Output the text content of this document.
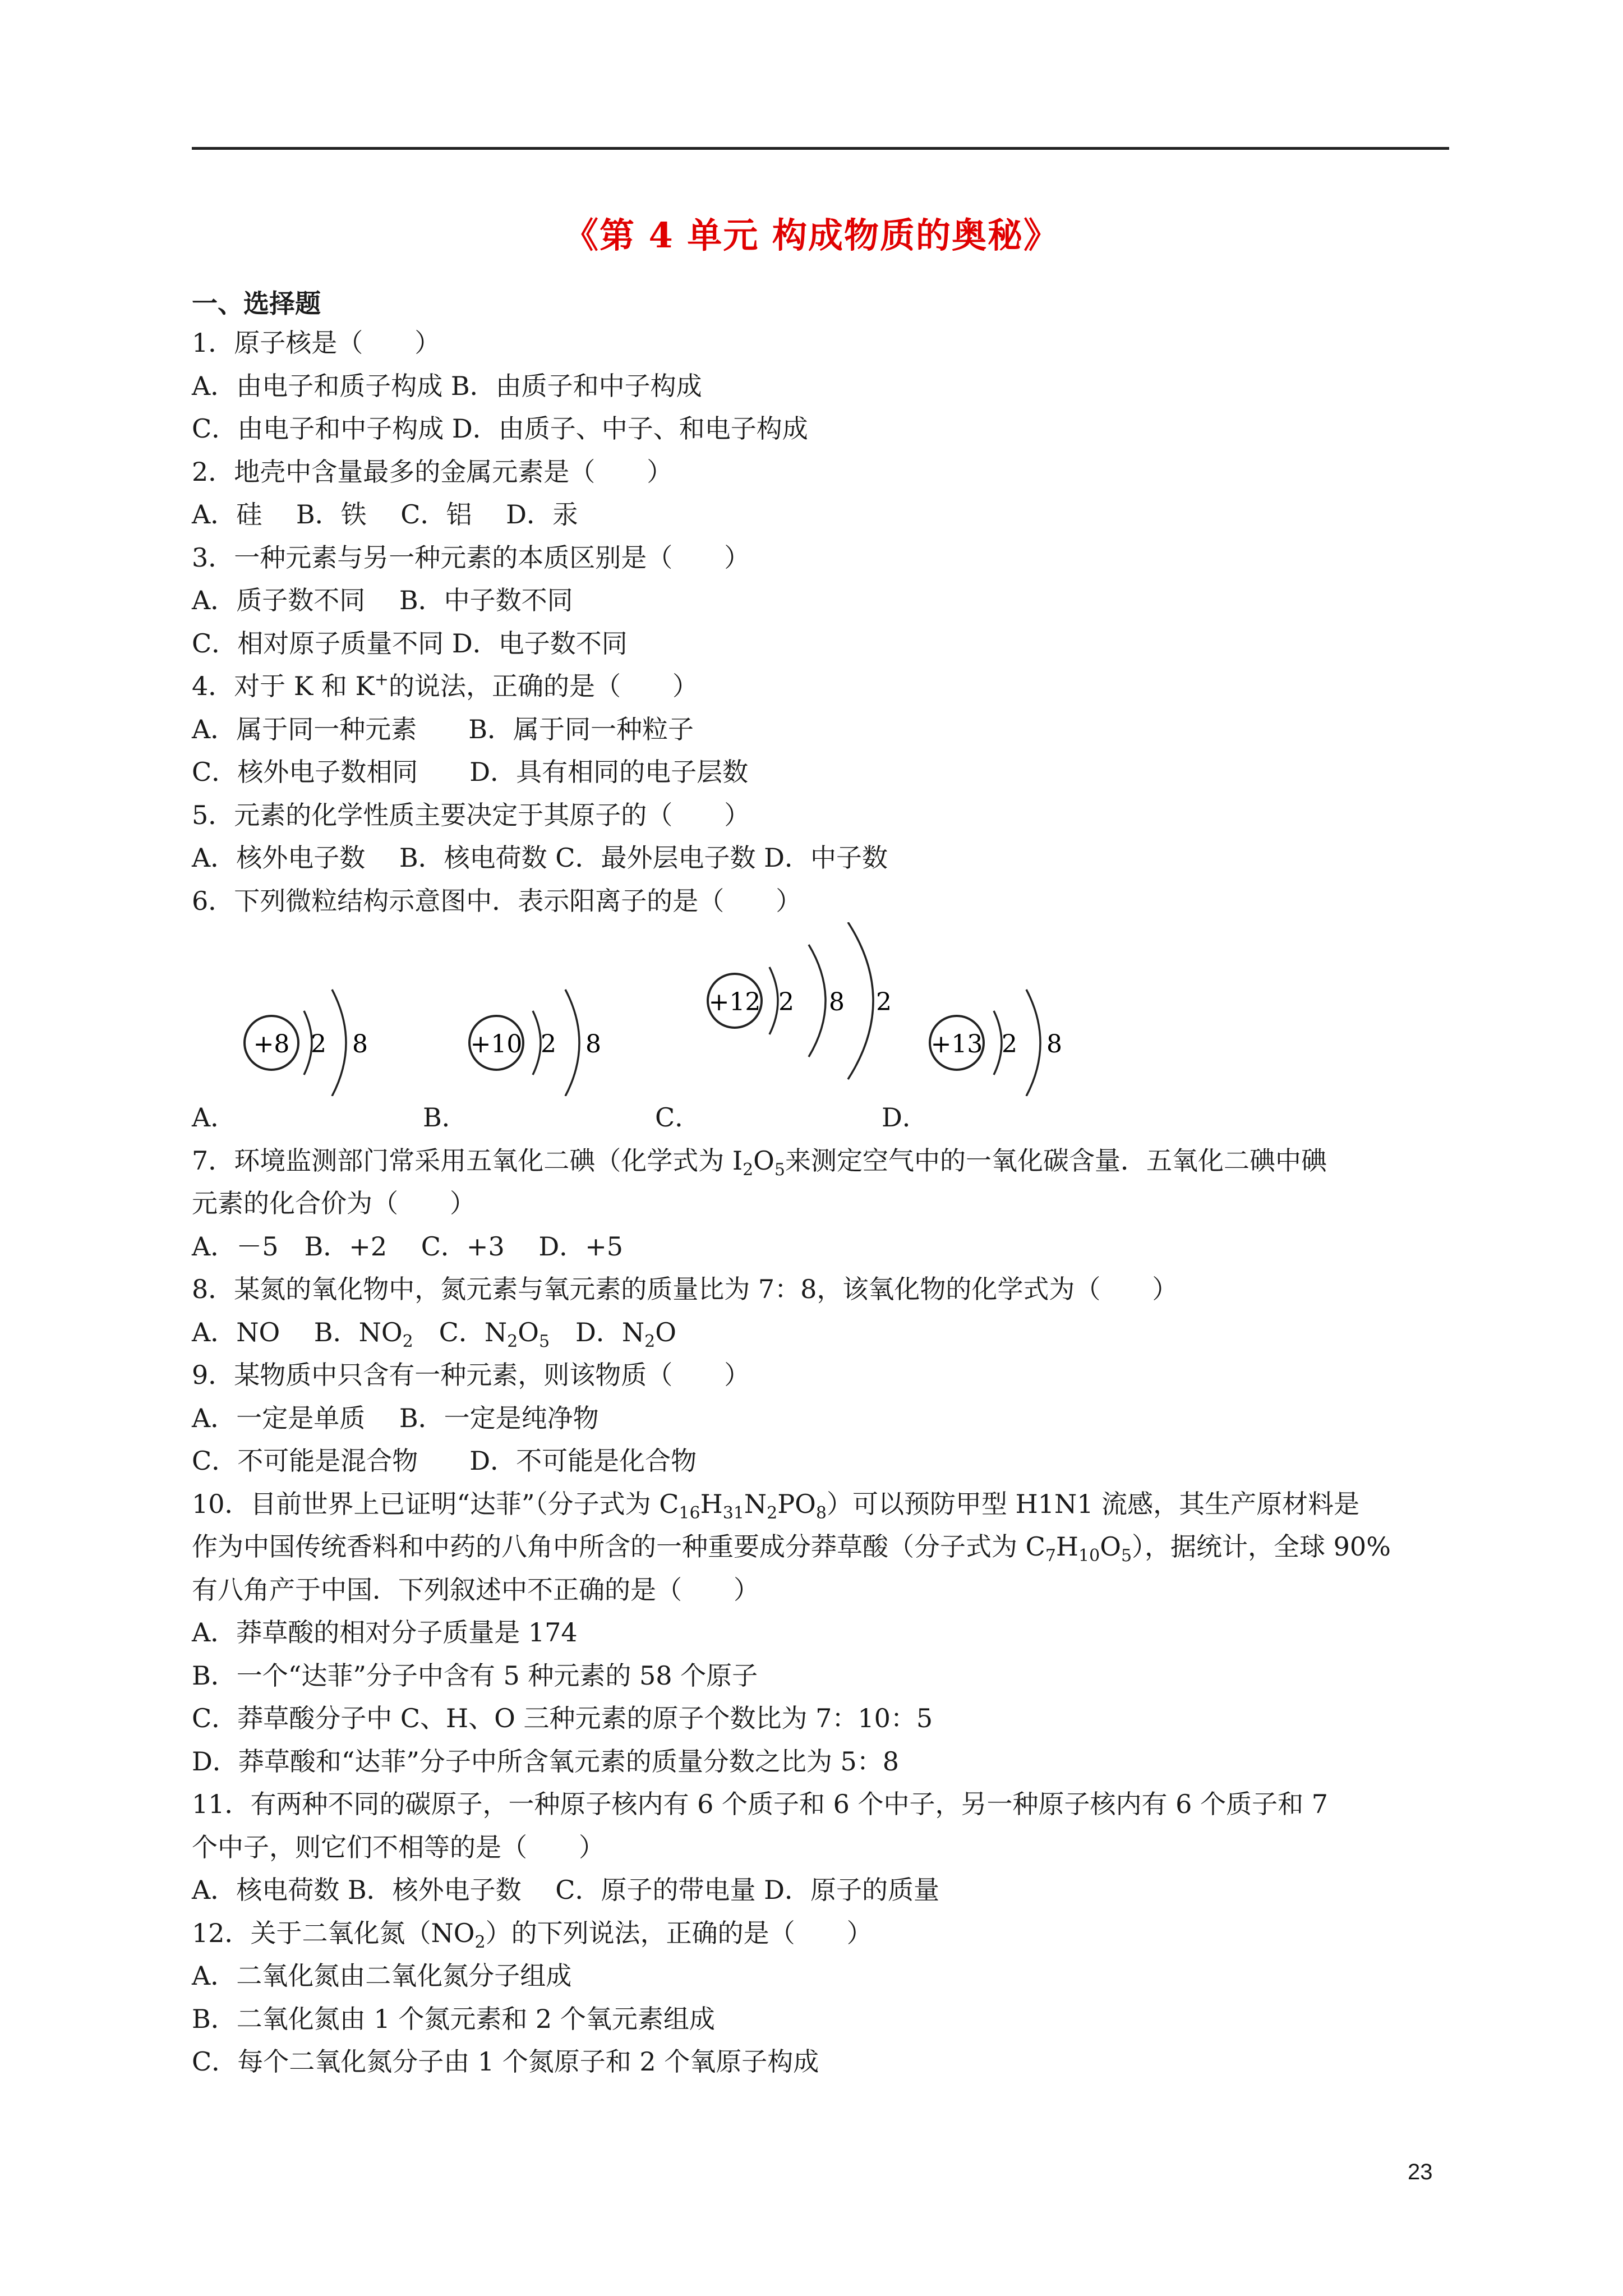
《第 4 单元 构成物质的奥秘》
一、选择题
1．原子核是（　　）
A．由电子和质子构成 B．由质子和中子构成
C．由电子和中子构成 D．由质子、中子、和电子构成
2．地壳中含量最多的金属元素是（　　）
A．硅　 B．铁　 C．铝　 D．汞
3．一种元素与另一种元素的本质区别是（　　）
A．质子数不同　 B．中子数不同
C．相对原子质量不同 D．电子数不同
4．对于 K 和 K+的说法，正确的是（　　）
A．属于同一种元素　　B．属于同一种粒子
C．核外电子数相同　　D．具有相同的电子层数
5．元素的化学性质主要决定于其原子的（　　）
A．核外电子数　 B．核电荷数 C．最外层电子数 D．中子数
6．下列微粒结构示意图中．表示阳离子的是（　　）
+8 2 8	+10 2 8
+12 2 8 2
+13 2 8
A．	B．	C．	D．
7．环境监测部门常采用五氧化二碘（化学式为 $I_2O_5$来测定空气中的一氧化碳含量．五氧化二碘中碘
元素的化合价为（　　）
A．－5　B．+2　 C．+3　 D．+5
8．某氮的氧化物中，氮元素与氧元素的质量比为 7：8，该氧化物的化学式为（　　）
A．NO　 B．$NO_2$　C．$N_2O_5$　D．$N_2O$
9．某物质中只含有一种元素，则该物质（　　）
A．一定是单质　 B．一定是纯净物
C．不可能是混合物　　D．不可能是化合物
10．目前世界上已证明“达菲”（分子式为 $C_{16}H_{31}N_2PO_8$）可以预防甲型 H1N1 流感，其生产原材料是
作为中国传统香料和中药的八角中所含的一种重要成分莽草酸（分子式为 $C_7H_{10}O_5$），据统计，全球 90%
有八角产于中国．下列叙述中不正确的是（　　）
A．莽草酸的相对分子质量是 174
B．一个“达菲”分子中含有 5 种元素的 58 个原子
C．莽草酸分子中 C、H、O 三种元素的原子个数比为 7：10：5
D．莽草酸和“达菲”分子中所含氧元素的质量分数之比为 5：8
11．有两种不同的碳原子，一种原子核内有 6 个质子和 6 个中子，另一种原子核内有 6 个质子和 7
个中子，则它们不相等的是（　　）
A．核电荷数 B．核外电子数　 C．原子的带电量 D．原子的质量
12．关于二氧化氮$(NO_2)$的下列说法，正确的是（　　）
A．二氧化氮由二氧化氮分子组成
B．二氧化氮由 1 个氮元素和 2 个氧元素组成
C．每个二氧化氮分子由 1 个氮原子和 2 个氧原子构成
23
